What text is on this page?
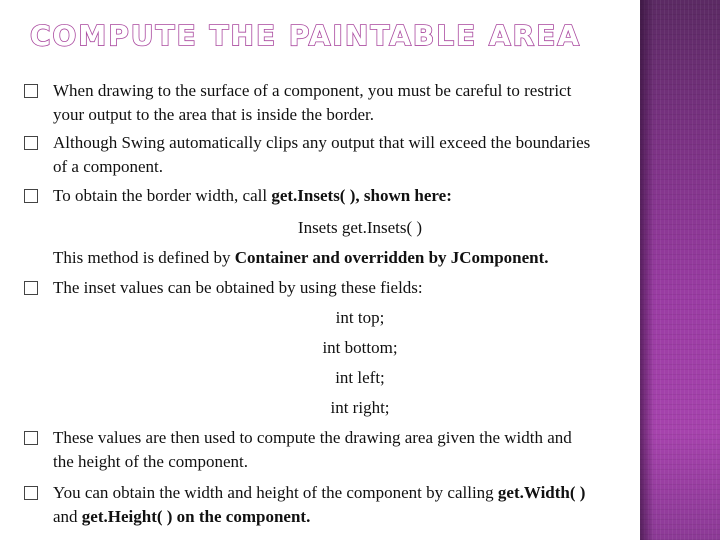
COMPUTE THE PAINTABLE AREA
When drawing to the surface of a component, you must be careful to restrict
your output to the area that is inside the border.
Although Swing automatically clips any output that will exceed the boundaries
of a component.
To obtain the border width, call get.Insets( ), shown here:
Insets get.Insets( )
This method is defined by Container and overridden by JComponent.
The inset values can be obtained by using these fields:
int top;
int bottom;
int left;
int right;
These values are then used to compute the drawing area given the width and
the height of the component.
You can obtain the width and height of the component by calling get.Width( )
and get.Height( ) on the component.
